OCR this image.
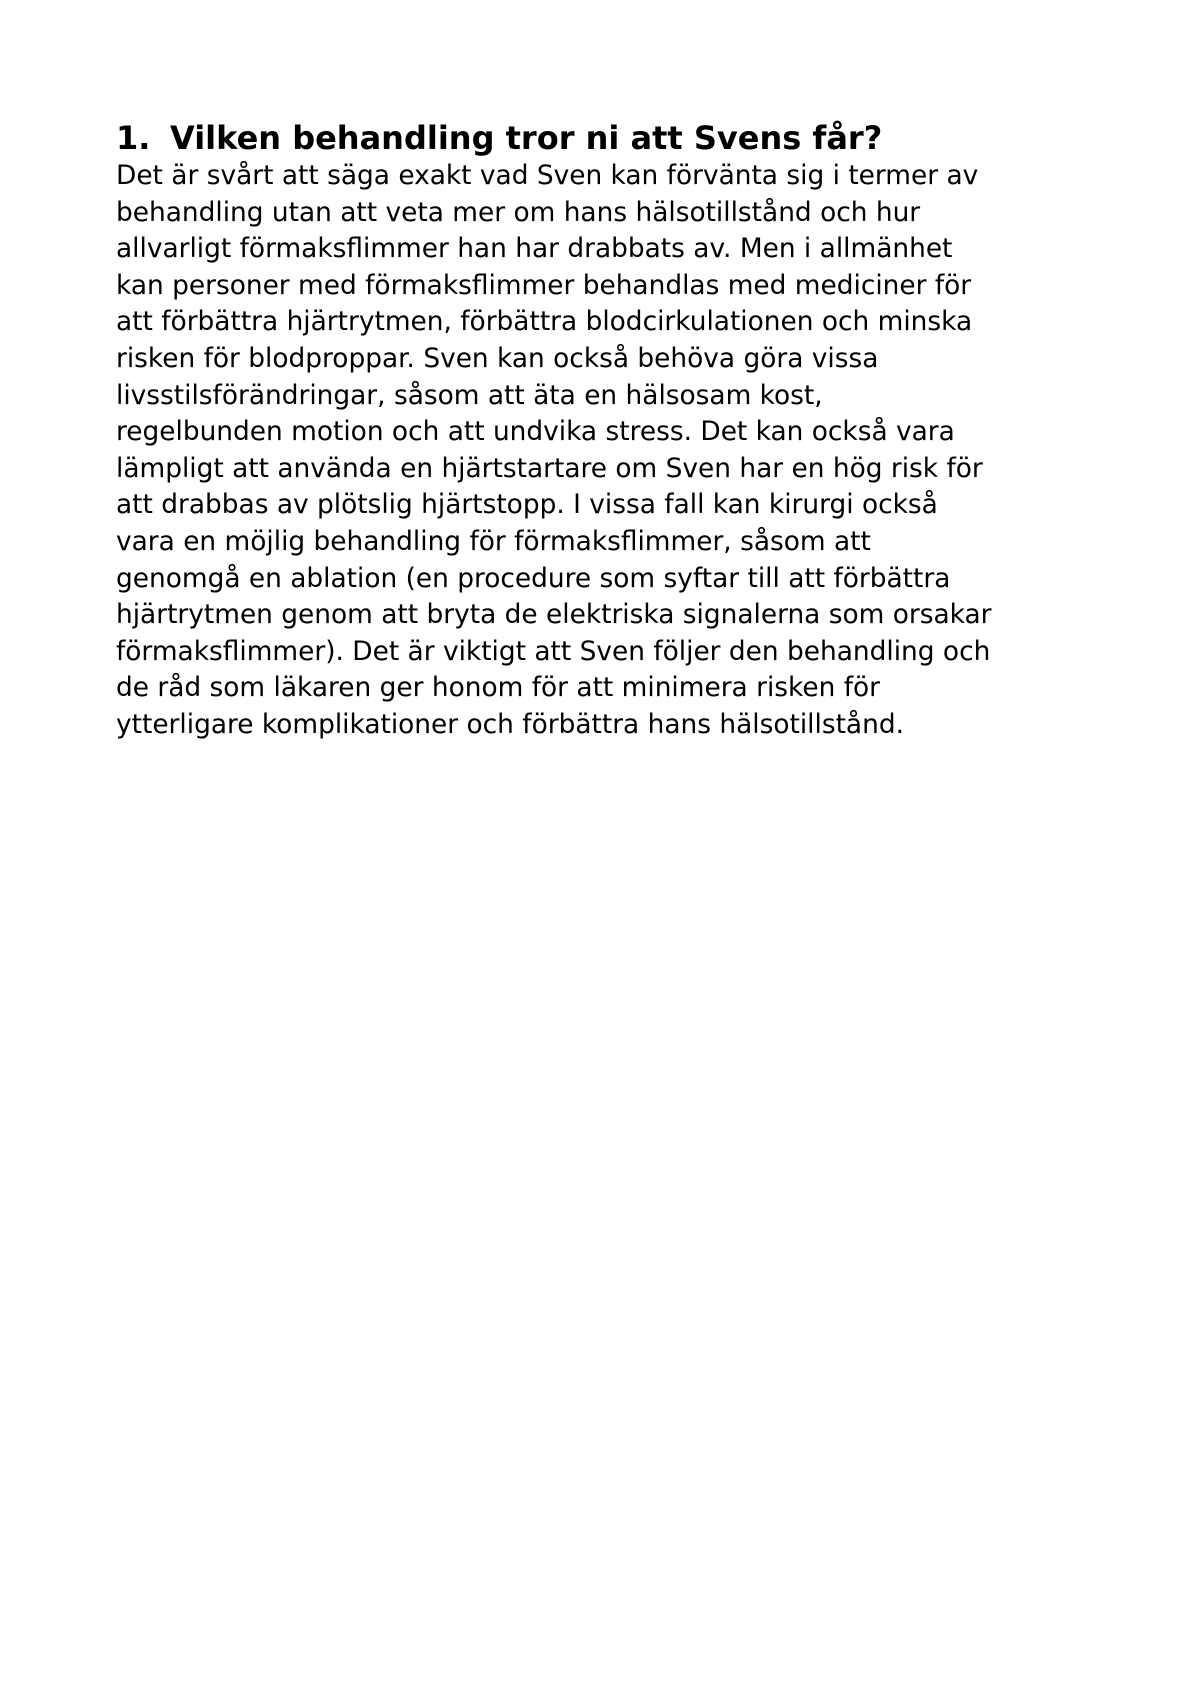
1. Vilken behandling tror ni att Svens får?

Det är svårt att säga exakt vad Sven kan förvänta sig i termer av
behandling utan att veta mer om hans hälsotillstånd och hur
allvarligt förmaksflimmer han har drabbats av. Men i allmänhet
kan personer med förmaksflimmer behandlas med mediciner för
att förbättra hjärtrytmen, förbättra blodcirkulationen och minska
risken för blodproppar. Sven kan också behöva göra vissa
livsstilsförändringar, såsom att äta en hälsosam kost,
regelbunden motion och att undvika stress. Det kan också vara
lämpligt att använda en hjärtstartare om Sven har en hög risk för
att drabbas av plötslig hjärtstopp. I vissa fall kan kirurgi också
vara en möjlig behandling för förmaksflimmer, såsom att
genomgå en ablation (en procedure som syftar till att förbättra
hjärtrytmen genom att bryta de elektriska signalerna som orsakar
förmaksflimmer). Det är viktigt att Sven följer den behandling och
de råd som läkaren ger honom för att minimera risken för
ytterligare komplikationer och förbättra hans hälsotillstånd.
